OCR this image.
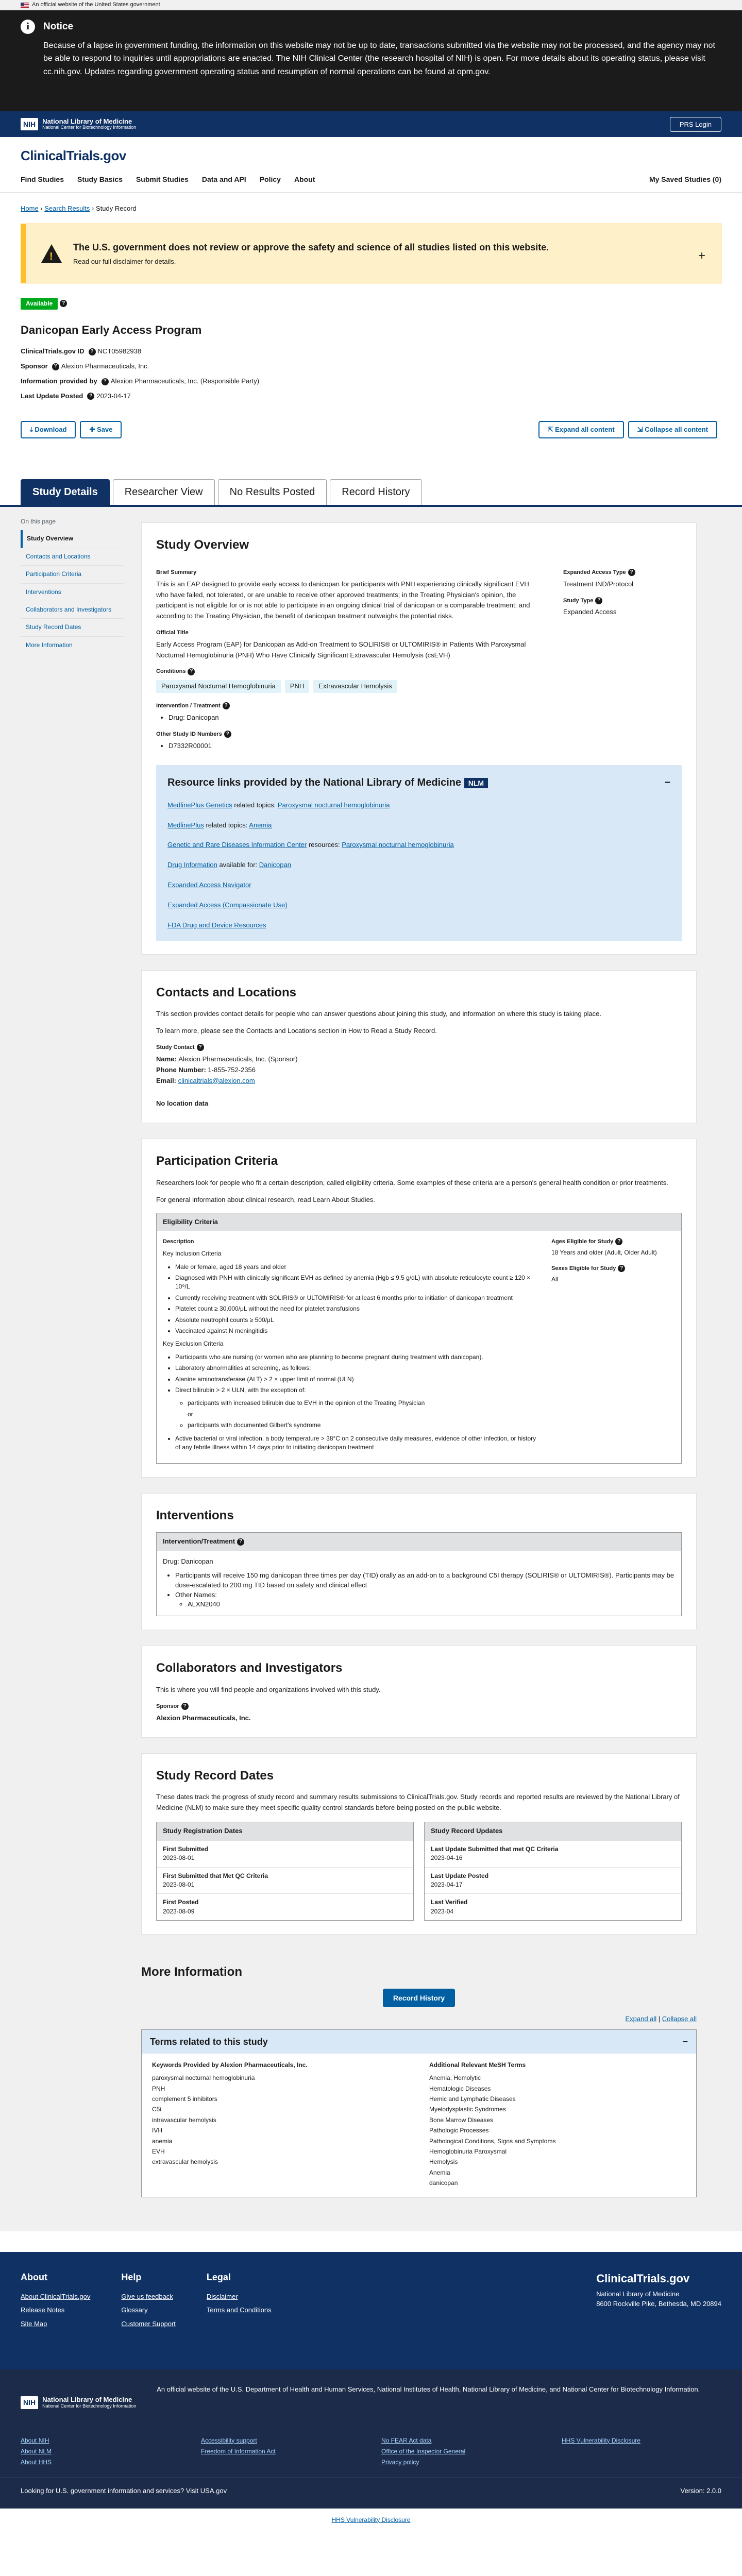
An official website of the United States government
i	Notice

Because of a lapse in government funding, the information on this website may not be up to date, transactions submitted via the website may not be processed, and the agency may not be able to respond to inquiries until appropriations are enacted. The NIH Clinical Center (the research hospital of NIH) is open. For more details about its operating status, please visit cc.nih.gov. Updates regarding government operating status and resumption of normal operations can be found at opm.gov.

NIH	National Library of Medicine
National Center for Biotechnology Information	PRS Login
ClinicalTrials.gov
Find Studies Study Basics Submit Studies Data and API Policy About	My Saved Studies (0)
Home › Search Results › Study Record
!
The U.S. government does not review or approve the safety and science of all studies listed on this website.

Read our full disclaimer for details.	+
Available ?
Danicopan Early Access Program
ClinicalTrials.gov ID ? NCT05982938
Sponsor ? Alexion Pharmaceuticals, Inc.
Information provided by ? Alexion Pharmaceuticals, Inc. (Responsible Party)
Last Update Posted ? 2023-04-17
⤓ Download	✚ Save	⇱ Expand all content	⇲ Collapse all content
Study Details	Researcher View	No Results Posted	Record History
On this page
Study Overview
Contacts and Locations
Participation Criteria
Interventions
Collaborators and Investigators
Study Record Dates
More Information
Study Overview
Brief Summary
This is an EAP designed to provide early access to danicopan for participants with PNH experiencing clinically significant EVH who have failed, not tolerated, or are unable to receive other approved treatments; in the Treating Physician's opinion, the participant is not eligible for or is not able to participate in an ongoing clinical trial of danicopan or a comparable treatment; and according to the Treating Physician, the benefit of danicopan treatment outweighs the potential risks.
Official Title
Early Access Program (EAP) for Danicopan as Add-on Treatment to SOLIRIS® or ULTOMIRIS® in Patients With Paroxysmal Nocturnal Hemoglobinuria (PNH) Who Have Clinically Significant Extravascular Hemolysis (csEVH)
Conditions ?
Paroxysmal Nocturnal Hemoglobinuria PNH Extravascular Hemolysis
Intervention / Treatment ?
• Drug: Danicopan
Other Study ID Numbers ?
• D7332R00001
Expanded Access Type ?
Treatment IND/Protocol
Study Type ?
Expanded Access
Resource links provided by the National Library of Medicine NLM	−
MedlinePlus Genetics related topics: Paroxysmal nocturnal hemoglobinuria
MedlinePlus related topics: Anemia
Genetic and Rare Diseases Information Center resources: Paroxysmal nocturnal hemoglobinuria
Drug Information available for: Danicopan
Expanded Access Navigator
Expanded Access (Compassionate Use)
FDA Drug and Device Resources
Contacts and Locations
This section provides contact details for people who can answer questions about joining this study, and information on where this study is taking place.
To learn more, please see the Contacts and Locations section in How to Read a Study Record.
Study Contact ?
Name: Alexion Pharmaceuticals, Inc. (Sponsor)
Phone Number: 1-855-752-2356
Email: clinicaltrials@alexion.com
No location data
Participation Criteria
Researchers look for people who fit a certain description, called eligibility criteria. Some examples of these criteria are a person's general health condition or prior treatments.
For general information about clinical research, read Learn About Studies.
Eligibility Criteria
Description
Key Inclusion Criteria
• Male or female, aged 18 years and older
• Diagnosed with PNH with clinically significant EVH as defined by anemia (Hgb ≤ 9.5 g/dL) with absolute reticulocyte count ≥ 120 × 10⁹/L
• Currently receiving treatment with SOLIRIS® or ULTOMIRIS® for at least 6 months prior to initiation of danicopan treatment
• Platelet count ≥ 30,000/μL without the need for platelet transfusions
• Absolute neutrophil counts ≥ 500/μL
• Vaccinated against N meningitidis
Key Exclusion Criteria
• Participants who are nursing (or women who are planning to become pregnant during treatment with danicopan).
• Laboratory abnormalities at screening, as follows:
• Alanine aminotransferase (ALT) > 2 × upper limit of normal (ULN)
• Direct bilirubin > 2 × ULN, with the exception of:
◦ participants with increased bilirubin due to EVH in the opinion of the Treating Physician
or
◦ participants with documented Gilbert's syndrome
• Active bacterial or viral infection, a body temperature > 38°C on 2 consecutive daily measures, evidence of other infection, or history of any febrile illness within 14 days prior to initiating danicopan treatment
Ages Eligible for Study ?
18 Years and older (Adult, Older Adult)
Sexes Eligible for Study ?
All
Interventions
Intervention/Treatment ?
Drug: Danicopan
• Participants will receive 150 mg danicopan three times per day (TID) orally as an add-on to a background C5I therapy (SOLIRIS® or ULTOMIRIS®). Participants may be dose-escalated to 200 mg TID based on safety and clinical effect
• Other Names:
◦ ALXN2040
Collaborators and Investigators
This is where you will find people and organizations involved with this study.
Sponsor ?
Alexion Pharmaceuticals, Inc.
Study Record Dates
These dates track the progress of study record and summary results submissions to ClinicalTrials.gov. Study records and reported results are reviewed by the National Library of Medicine (NLM) to make sure they meet specific quality control standards before being posted on the public website.
Study Registration Dates
First Submitted
2023-08-01
First Submitted that Met QC Criteria
2023-08-01
First Posted
2023-08-09
Study Record Updates
Last Update Submitted that met QC Criteria
2023-04-16
Last Update Posted
2023-04-17
Last Verified
2023-04
More Information
Record History
Expand all | Collapse all
Terms related to this study	−
Keywords Provided by Alexion Pharmaceuticals, Inc.
paroxysmal nocturnal hemoglobinuria
PNH
complement 5 inhibitors
C5i
intravascular hemolysis
IVH
anemia
EVH
extravascular hemolysis
Additional Relevant MeSH Terms
Anemia, Hemolytic
Hematologic Diseases
Hemic and Lymphatic Diseases
Myelodysplastic Syndromes
Bone Marrow Diseases
Pathologic Processes
Pathological Conditions, Signs and Symptoms
Hemoglobinuria Paroxysmal
Hemolysis
Anemia
danicopan
About
About ClinicalTrials.gov
Release Notes
Site Map
Help
Give us feedback
Glossary
Customer Support
Legal
Disclaimer
Terms and Conditions
ClinicalTrials.gov
National Library of Medicine
8600 Rockville Pike, Bethesda, MD 20894
NIH	National Library of Medicine
National Center for Biotechnology Information
An official website of the U.S. Department of Health and Human Services, National Institutes of Health, National Library of Medicine, and National Center for Biotechnology Information.
About NIH	Accessibility support	No FEAR Act data	HHS Vulnerability Disclosure
About NLM	Freedom of Information Act	Office of the Inspector General
About HHS	Privacy policy
Looking for U.S. government information and services? Visit USA.gov	Version: 2.0.0
HHS Vulnerability Disclosure
